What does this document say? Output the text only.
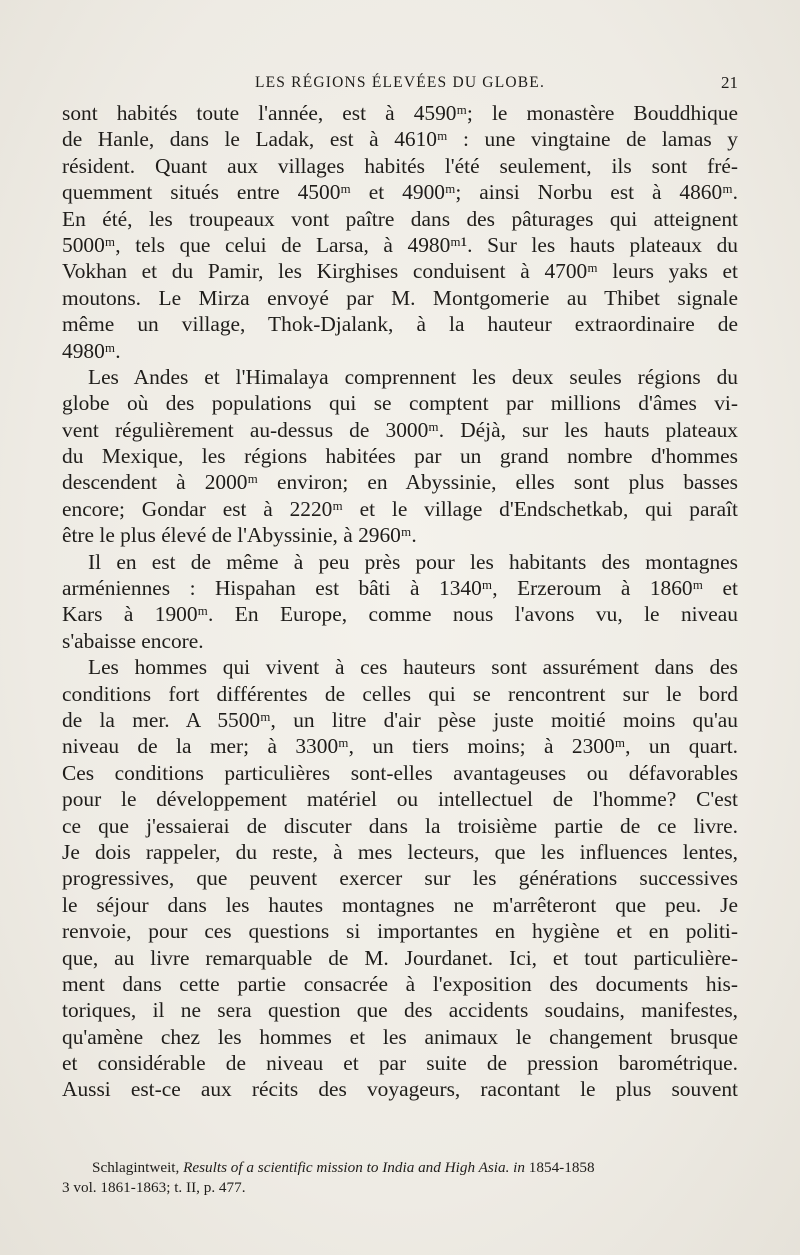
LES RÉGIONS ÉLEVÉES DU GLOBE.	21
sont habités toute l'année, est à 4590ᵐ; le monastère Bouddhique
de Hanle, dans le Ladak, est à 4610ᵐ : une vingtaine de lamas y
résident. Quant aux villages habités l'été seulement, ils sont fré-
quemment situés entre 4500ᵐ et 4900ᵐ; ainsi Norbu est à 4860ᵐ.
En été, les troupeaux vont paître dans des pâturages qui atteignent
5000ᵐ, tels que celui de Larsa, à 4980ᵐ¹. Sur les hauts plateaux du
Vokhan et du Pamir, les Kirghises conduisent à 4700ᵐ leurs yaks et
moutons. Le Mirza envoyé par M. Montgomerie au Thibet signale
même un village, Thok-Djalank, à la hauteur extraordinaire de
4980ᵐ.
Les Andes et l'Himalaya comprennent les deux seules régions du
globe où des populations qui se comptent par millions d'âmes vi-
vent régulièrement au-dessus de 3000ᵐ. Déjà, sur les hauts plateaux
du Mexique, les régions habitées par un grand nombre d'hommes
descendent à 2000ᵐ environ; en Abyssinie, elles sont plus basses
encore; Gondar est à 2220ᵐ et le village d'Endschetkab, qui paraît
être le plus élevé de l'Abyssinie, à 2960ᵐ.
Il en est de même à peu près pour les habitants des montagnes
arméniennes : Hispahan est bâti à 1340ᵐ, Erzeroum à 1860ᵐ et
Kars à 1900ᵐ. En Europe, comme nous l'avons vu, le niveau
s'abaisse encore.
Les hommes qui vivent à ces hauteurs sont assurément dans des
conditions fort différentes de celles qui se rencontrent sur le bord
de la mer. A 5500ᵐ, un litre d'air pèse juste moitié moins qu'au
niveau de la mer; à 3300ᵐ, un tiers moins; à 2300ᵐ, un quart.
Ces conditions particulières sont-elles avantageuses ou défavorables
pour le développement matériel ou intellectuel de l'homme? C'est
ce que j'essaierai de discuter dans la troisième partie de ce livre.
Je dois rappeler, du reste, à mes lecteurs, que les influences lentes,
progressives, que peuvent exercer sur les générations successives
le séjour dans les hautes montagnes ne m'arrêteront que peu. Je
renvoie, pour ces questions si importantes en hygiène et en politi-
que, au livre remarquable de M. Jourdanet. Ici, et tout particulière-
ment dans cette partie consacrée à l'exposition des documents his-
toriques, il ne sera question que des accidents soudains, manifestes,
qu'amène chez les hommes et les animaux le changement brusque
et considérable de niveau et par suite de pression barométrique.
Aussi est-ce aux récits des voyageurs, racontant le plus souvent
Schlagintweit, Results of a scientific mission to India and High Asia. in 1854-1858
3 vol. 1861-1863; t. II, p. 477.
